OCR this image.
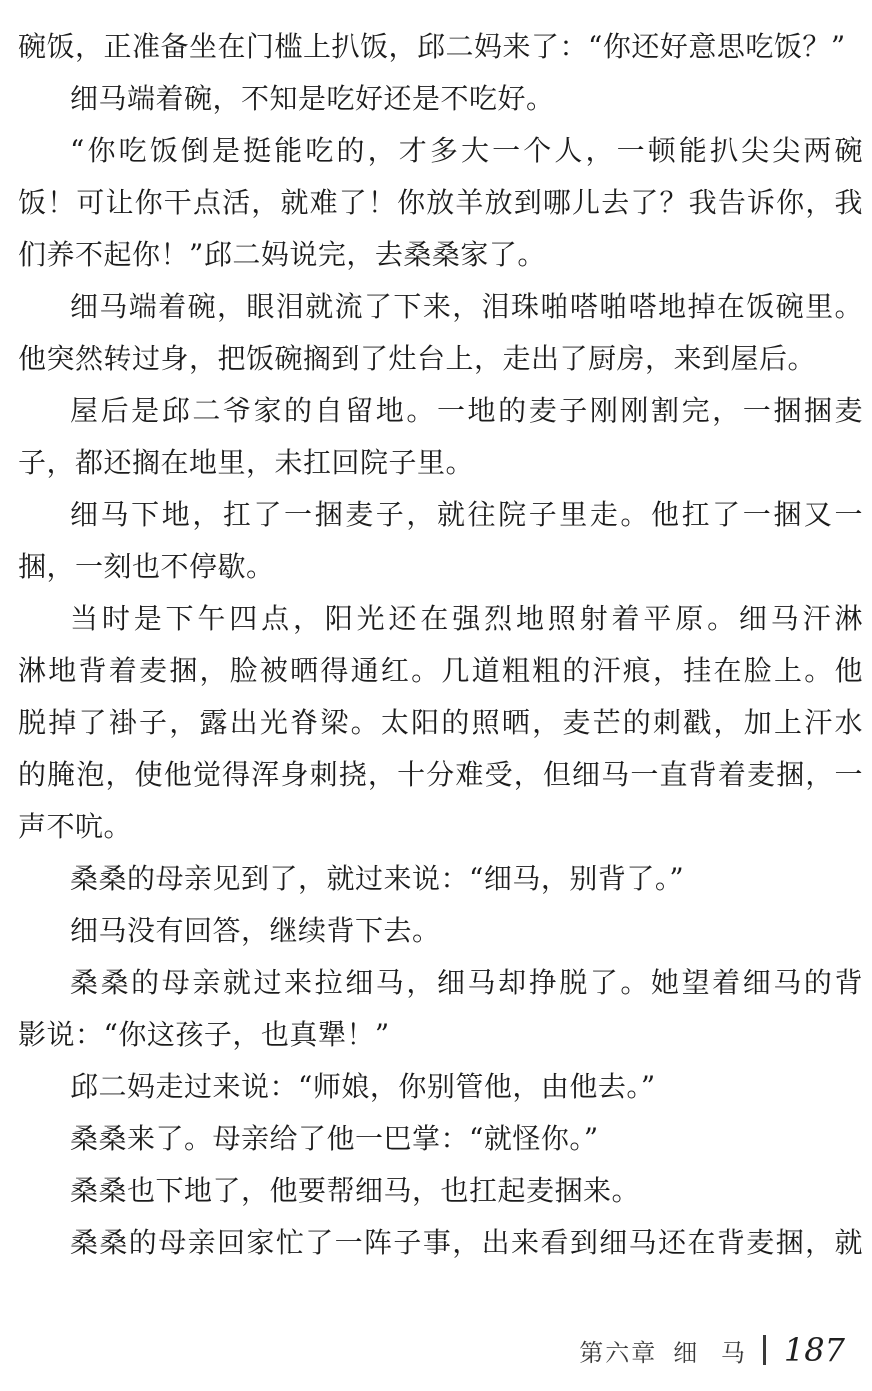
碗饭，正准备坐在门槛上扒饭，邱二妈来了：“你还好意思吃饭？”
细马端着碗，不知是吃好还是不吃好。
“你吃饭倒是挺能吃的，才多大一个人，一顿能扒尖尖两碗
饭！可让你干点活，就难了！你放羊放到哪儿去了？我告诉你，我
们养不起你！”邱二妈说完，去桑桑家了。
细马端着碗，眼泪就流了下来，泪珠啪嗒啪嗒地掉在饭碗里。
他突然转过身，把饭碗搁到了灶台上，走出了厨房，来到屋后。
屋后是邱二爷家的自留地。一地的麦子刚刚割完，一捆捆麦
子，都还搁在地里，未扛回院子里。
细马下地，扛了一捆麦子，就往院子里走。他扛了一捆又一
捆，一刻也不停歇。
当时是下午四点，阳光还在强烈地照射着平原。细马汗淋
淋地背着麦捆，脸被晒得通红。几道粗粗的汗痕，挂在脸上。他
脱掉了褂子，露出光脊梁。太阳的照晒，麦芒的刺戳，加上汗水
的腌泡，使他觉得浑身刺挠，十分难受，但细马一直背着麦捆，一
声不吭。
桑桑的母亲见到了，就过来说：“细马，别背了。”
细马没有回答，继续背下去。
桑桑的母亲就过来拉细马，细马却挣脱了。她望着细马的背
影说：“你这孩子，也真犟！”
邱二妈走过来说：“师娘，你别管他，由他去。”
桑桑来了。母亲给了他一巴掌：“就怪你。”
桑桑也下地了，他要帮细马，也扛起麦捆来。
桑桑的母亲回家忙了一阵子事，出来看到细马还在背麦捆，就
第六章 细 马 187
